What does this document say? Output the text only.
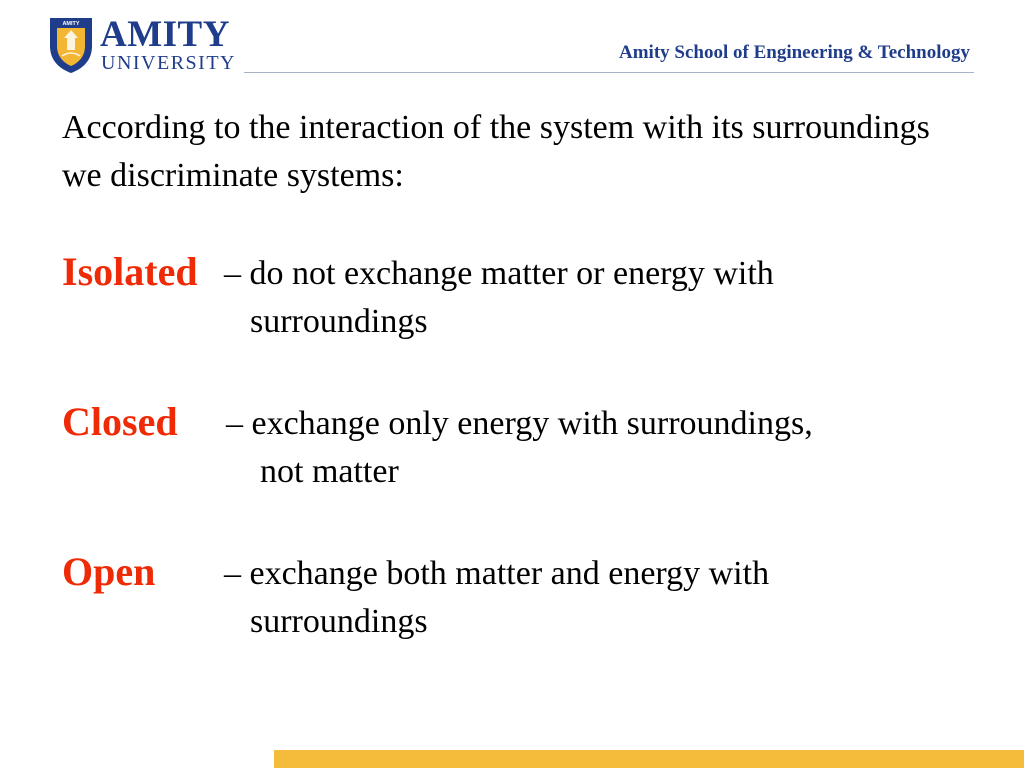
AMITY AMITY
UNIVERSITY	Amity School of Engineering & Technology

According to the interaction of the system with its surroundings we discriminate systems:

Isolated – do not exchange matter or energy with
surroundings
Closed – exchange only energy with surroundings,
not matter
Open – exchange both matter and energy with
surroundings
